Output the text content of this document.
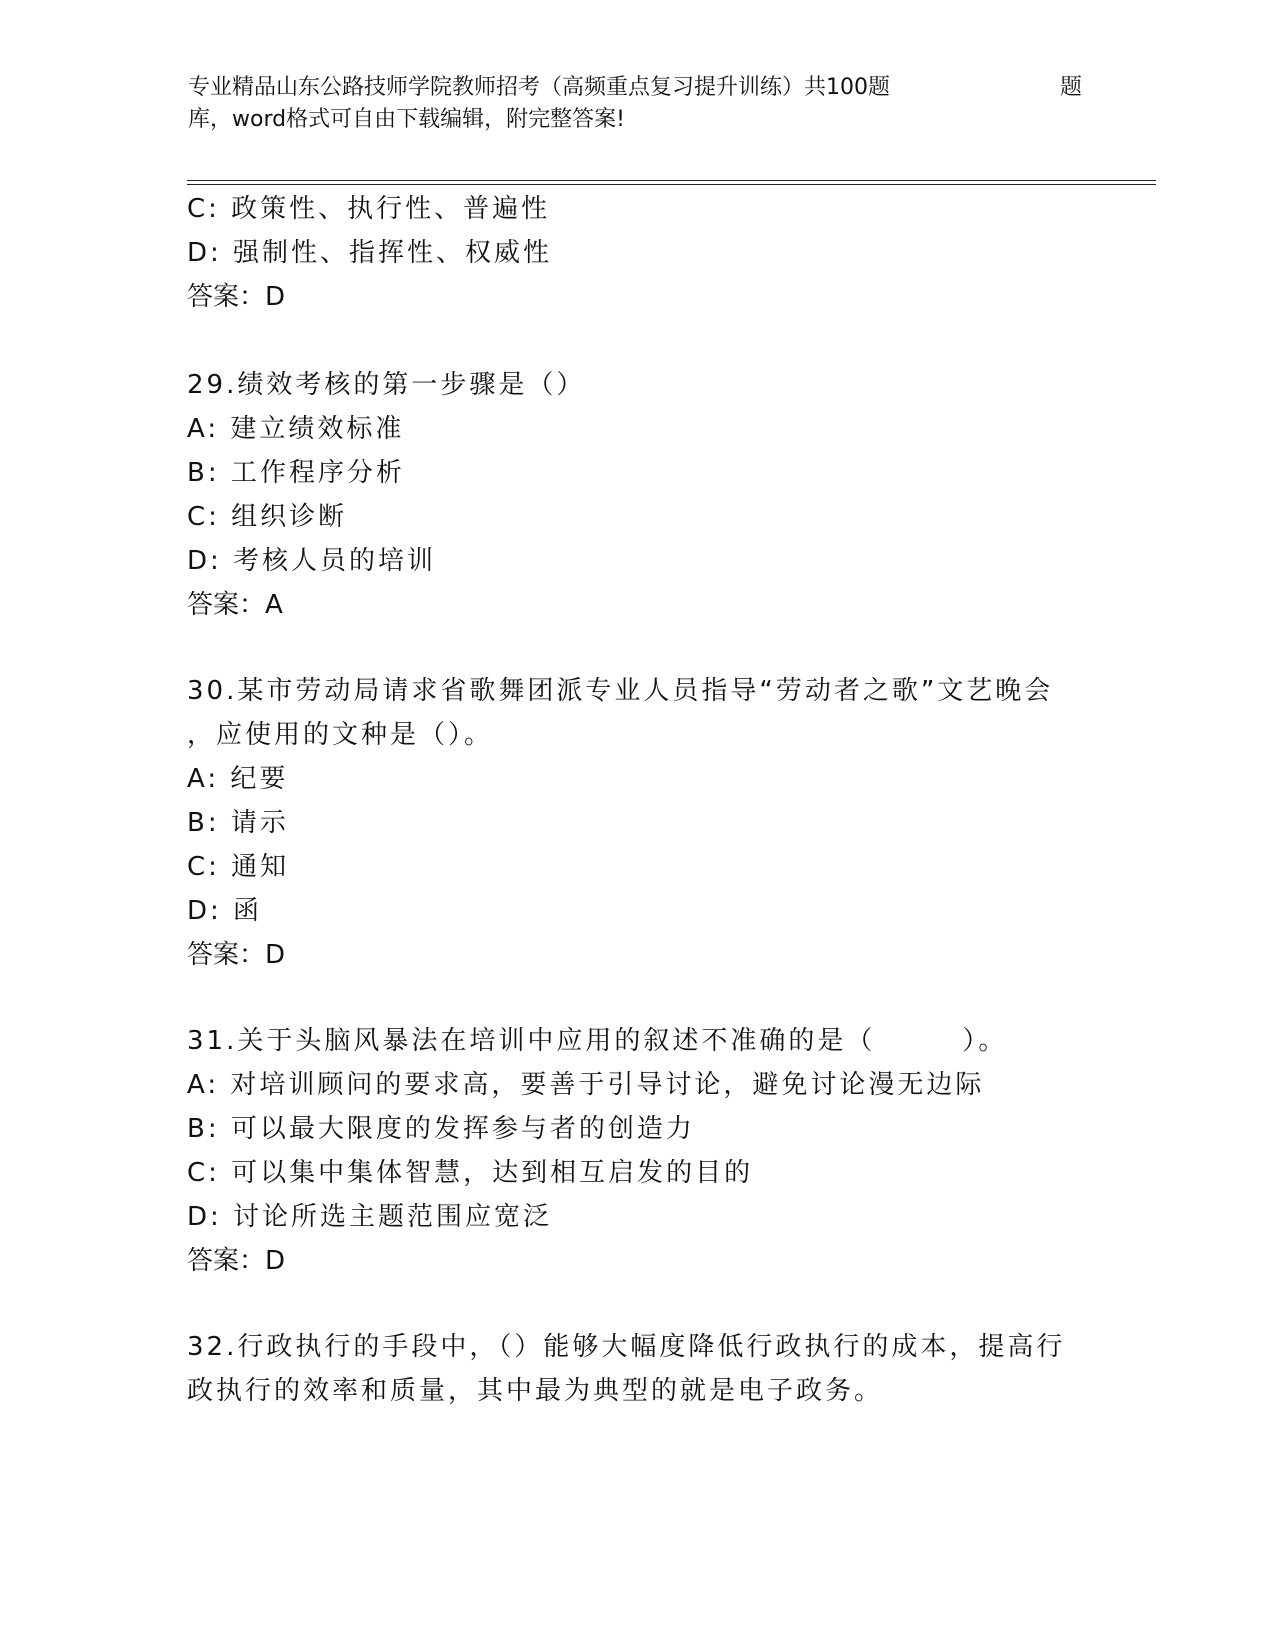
专业精品山东公路技师学院教师招考（高频重点复习提升训练）共100题	题
库，word格式可自由下载编辑，附完整答案!
C: 政策性、执行性、普遍性
D: 强制性、指挥性、权威性
答案：D
29.绩效考核的第一步骤是（）
A: 建立绩效标准
B: 工作程序分析
C: 组织诊断
D: 考核人员的培训
答案：A
30.某市劳动局请求省歌舞团派专业人员指导“劳动者之歌”文艺晚会
，应使用的文种是（）。
A: 纪要
B: 请示
C: 通知
D: 函
答案：D
31.关于头脑风暴法在培训中应用的叙述不准确的是（　　　）。
A: 对培训顾问的要求高，要善于引导讨论，避免讨论漫无边际
B: 可以最大限度的发挥参与者的创造力
C: 可以集中集体智慧，达到相互启发的目的
D: 讨论所选主题范围应宽泛
答案：D
32.行政执行的手段中，（）能够大幅度降低行政执行的成本，提高行
政执行的效率和质量，其中最为典型的就是电子政务。
